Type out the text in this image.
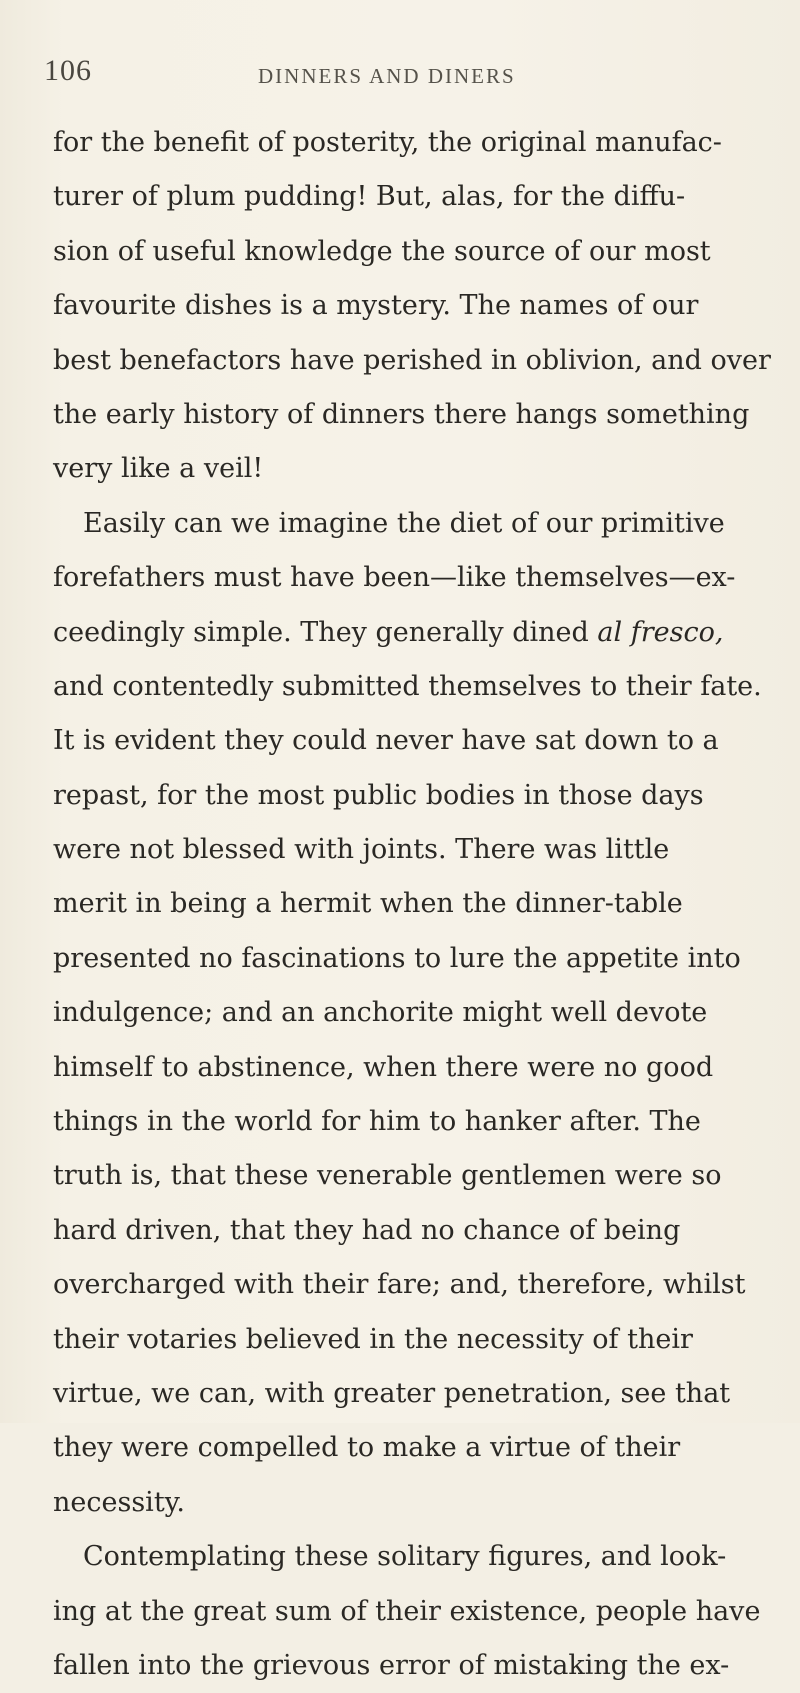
106	DINNERS AND DINERS
for the benefit of posterity, the original manufac-
turer of plum pudding! But, alas, for the diffu-
sion of useful knowledge the source of our most
favourite dishes is a mystery. The names of our
best benefactors have perished in oblivion, and over
the early history of dinners there hangs something
very like a veil!
Easily can we imagine the diet of our primitive
forefathers must have been—like themselves—ex-
ceedingly simple. They generally dined al fresco,
and contentedly submitted themselves to their fate.
It is evident they could never have sat down to a
repast, for the most public bodies in those days
were not blessed with joints. There was little
merit in being a hermit when the dinner-table
presented no fascinations to lure the appetite into
indulgence; and an anchorite might well devote
himself to abstinence, when there were no good
things in the world for him to hanker after. The
truth is, that these venerable gentlemen were so
hard driven, that they had no chance of being
overcharged with their fare; and, therefore, whilst
their votaries believed in the necessity of their
virtue, we can, with greater penetration, see that
they were compelled to make a virtue of their
necessity.
Contemplating these solitary figures, and look-
ing at the great sum of their existence, people have
fallen into the grievous error of mistaking the ex-
